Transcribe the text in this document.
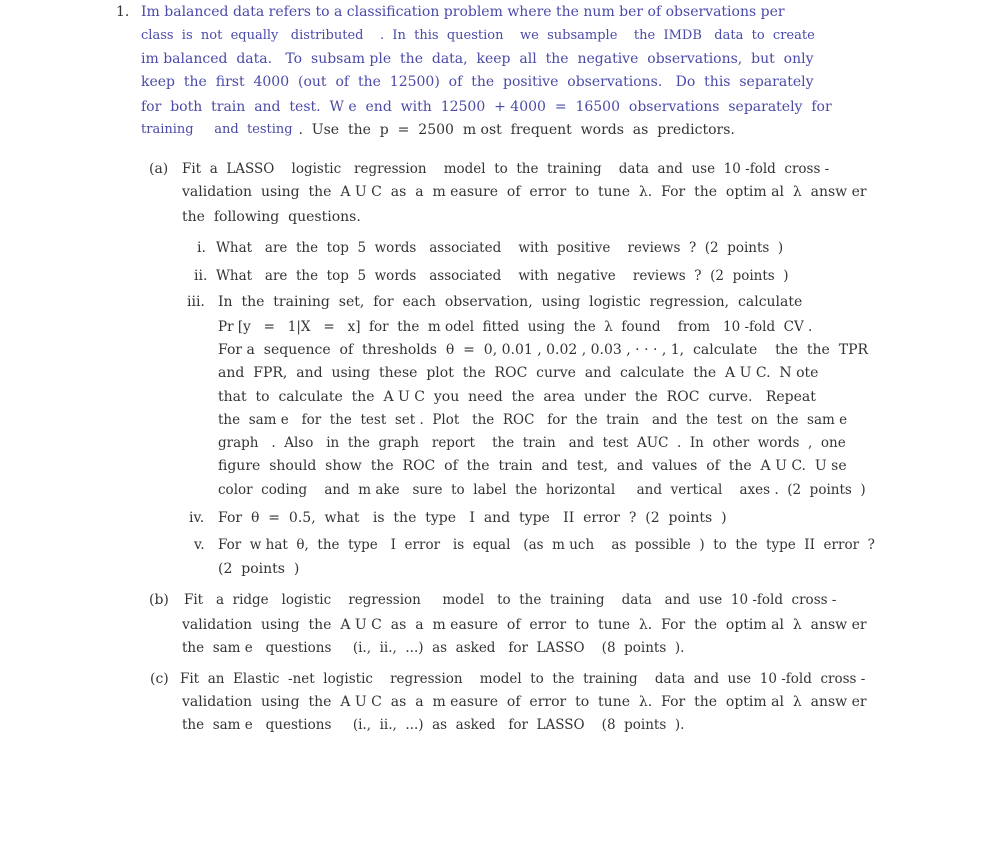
1. Im balanced data refers to a classification problem where the num ber of observations per
class  is  not  equally   distributed    .  In  this  question    we  subsample    the  IMDB   data  to  create
im balanced  data.   To  subsam ple  the  data,  keep  all  the  negative  observations,  but  only
keep  the  first  4000  (out  of  the  12500)  of  the  positive  observations.   Do  this  separately
for  both  train  and  test.  W e  end  with  12500  + 4000  =  16500  observations  separately  for
training     and  testing .  Use  the  p  =  2500  m ost  frequent  words  as  predictors.
(a) Fit  a  LASSO    logistic   regression    model  to  the  training    data  and  use  10 -fold  cross -
validation  using  the  A U C  as  a  m easure  of  error  to  tune  λ.  For  the  optim al  λ  answ er
the  following  questions.
i. What   are  the  top  5  words   associated    with  positive    reviews  ?  (2  points  )
ii. What   are  the  top  5  words   associated    with  negative    reviews  ?  (2  points  )
iii. In  the  training  set,  for  each  observation,  using  logistic  regression,  calculate
Pr [y   =   1|X   =   x]  for  the  m odel  fitted  using  the  λ  found    from   10 -fold  CV .
For a  sequence  of  thresholds  θ  =  0, 0.01 , 0.02 , 0.03 , · · · , 1,  calculate    the  the  TPR
and  FPR,  and  using  these  plot  the  ROC  curve  and  calculate  the  A U C.  N ote
that  to  calculate  the  A U C  you  need  the  area  under  the  ROC  curve.   Repeat
the  sam e   for  the  test  set .  Plot   the  ROC   for  the  train   and  the  test  on  the  sam e
graph   .  Also   in  the  graph   report    the  train   and  test  AUC  .  In  other  words  ,  one
figure  should  show  the  ROC  of  the  train  and  test,  and  values  of  the  A U C.  U se
color  coding    and  m ake   sure  to  label  the  horizontal     and  vertical    axes .  (2  points  )
iv. For  θ  =  0.5,  what   is  the  type   I  and  type   II  error  ?  (2  points  )
v. For  w hat  θ,  the  type   I  error   is  equal   (as  m uch    as  possible  )  to  the  type  II  error  ?
(2  points  )
(b) Fit   a  ridge   logistic    regression     model   to  the  training    data   and  use  10 -fold  cross -
validation  using  the  A U C  as  a  m easure  of  error  to  tune  λ.  For  the  optim al  λ  answ er
the  sam e   questions     (i.,  ii.,  ...)  as  asked   for  LASSO    (8  points  ).
(c) Fit  an  Elastic  -net  logistic    regression    model  to  the  training    data  and  use  10 -fold  cross -
validation  using  the  A U C  as  a  m easure  of  error  to  tune  λ.  For  the  optim al  λ  answ er
the  sam e   questions     (i.,  ii.,  ...)  as  asked   for  LASSO    (8  points  ).
